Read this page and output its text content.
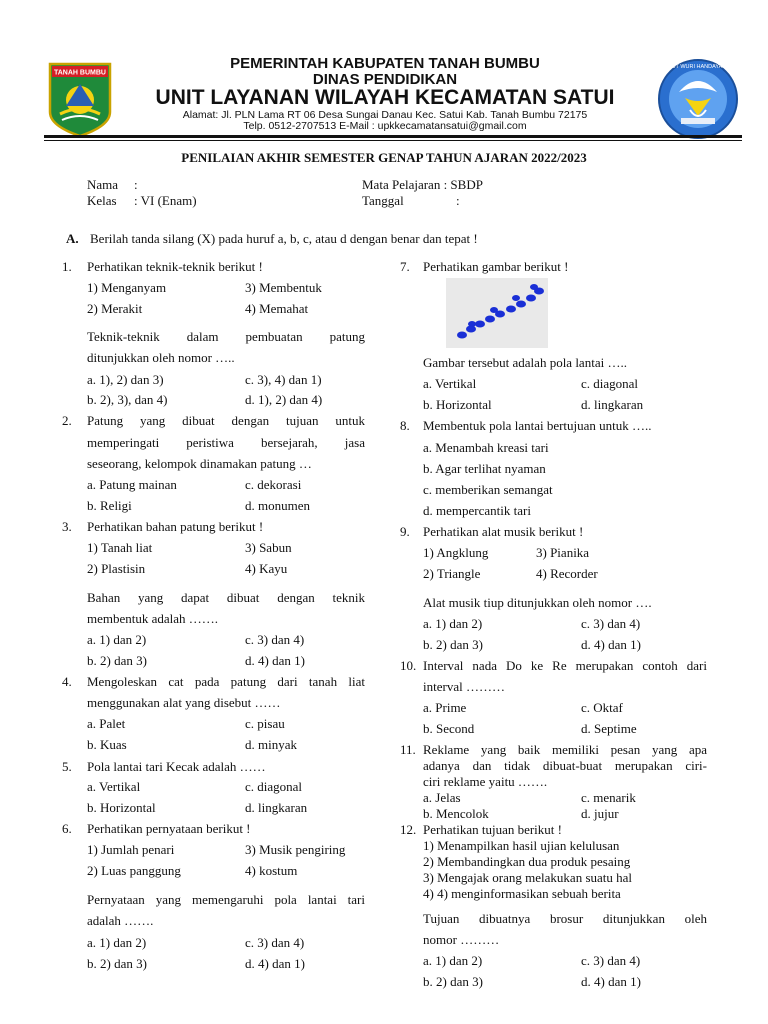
TANAH BUMBU
TUT WURI HANDAYANI
PEMERINTAH KABUPATEN TANAH BUMBU
DINAS PENDIDIKAN
UNIT LAYANAN WILAYAH KECAMATAN SATUI
Alamat: Jl. PLN Lama RT 06 Desa Sungai Danau Kec. Satui Kab. Tanah Bumbu 72175
Telp. 0512-2707513 E-Mail : upkkecamatansatui@gmail.com
PENILAIAN AKHIR SEMESTER GENAP TAHUN AJARAN 2022/2023
Nama :
Kelas : VI (Enam)
Mata Pelajaran : SBDP
Tanggal	:
A. Berilah tanda silang (X) pada huruf a, b, c, atau d dengan benar dan tepat !
1. Perhatikan teknik-teknik berikut !
1) Menganyam	3) Membentuk
2) Merakit	4) Memahat
Teknik-teknik dalam pembuatan patung
ditunjukkan oleh nomor …..
a. 1), 2) dan 3)	c. 3), 4) dan 1)
b. 2), 3), dan 4)	d. 1), 2) dan 4)
2. Patung yang dibuat dengan tujuan untuk
memperingati peristiwa bersejarah, jasa
seseorang, kelompok dinamakan patung …
a. Patung mainan	c. dekorasi
b. Religi	d. monumen
3. Perhatikan bahan patung berikut !
1) Tanah liat	3) Sabun
2) Plastisin	4) Kayu
Bahan yang dapat dibuat dengan teknik
membentuk adalah …….
a. 1) dan 2)	c. 3) dan 4)
b. 2) dan 3)	d. 4) dan 1)
4. Mengoleskan cat pada patung dari tanah liat
menggunakan alat yang disebut ……
a. Palet	c. pisau
b. Kuas	d. minyak
5. Pola lantai tari Kecak adalah ……
a. Vertikal	c. diagonal
b. Horizontal	d. lingkaran
6. Perhatikan pernyataan berikut !
1) Jumlah penari	3) Musik pengiring
2) Luas panggung	4) kostum
Pernyataan yang memengaruhi pola lantai tari
adalah …….
a. 1) dan 2)	c. 3) dan 4)
b. 2) dan 3)	d. 4) dan 1)
7. Perhatikan gambar berikut !
Gambar tersebut adalah pola lantai …..
a. Vertikal	c. diagonal
b. Horizontal	d. lingkaran
8. Membentuk pola lantai bertujuan untuk …..
a. Menambah kreasi tari
b. Agar terlihat nyaman
c. memberikan semangat
d. mempercantik tari
9. Perhatikan alat musik berikut !
1) Angklung	3) Pianika
2) Triangle	4) Recorder
Alat musik tiup ditunjukkan oleh nomor ….
a. 1) dan 2)	c. 3) dan 4)
b. 2) dan 3)	d. 4) dan 1)
10. Interval nada Do ke Re merupakan contoh dari
interval ………
a. Prime	c. Oktaf
b. Second	d. Septime
11. Reklame yang baik memiliki pesan yang apa
adanya dan tidak dibuat-buat merupakan ciri-
ciri reklame yaitu …….
a. Jelas	c. menarik
b. Mencolok	d. jujur
12. Perhatikan tujuan berikut !
1) Menampilkan hasil ujian kelulusan
2) Membandingkan dua produk pesaing
3) Mengajak orang melakukan suatu hal
4) 4) menginformasikan sebuah berita
Tujuan dibuatnya brosur ditunjukkan oleh
nomor ………
a. 1) dan 2)	c. 3) dan 4)
b. 2) dan 3)	d. 4) dan 1)
